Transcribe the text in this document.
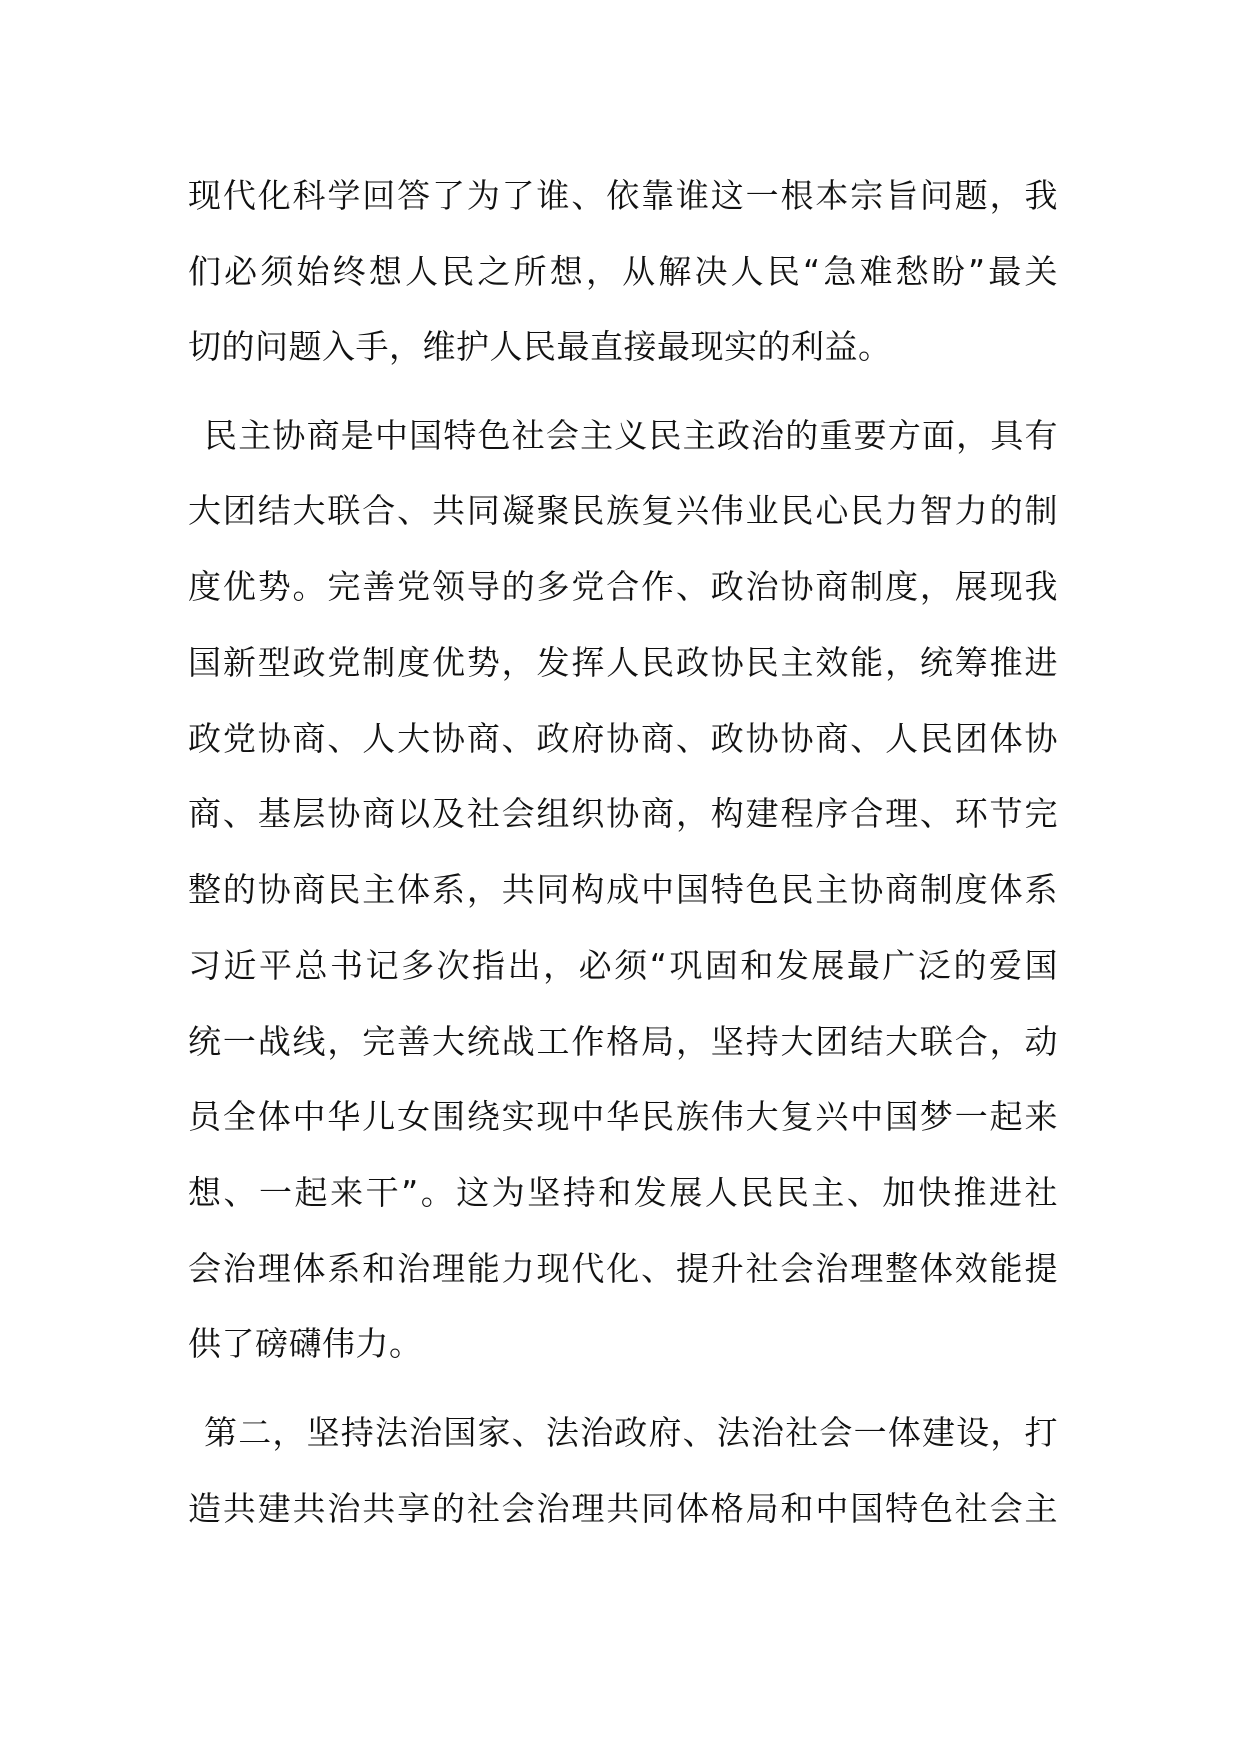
现代化科学回答了为了谁、依靠谁这一根本宗旨问题，我
们必须始终想人民之所想，从解决人民“急难愁盼”最关
切的问题入手，维护人民最直接最现实的利益。
民主协商是中国特色社会主义民主政治的重要方面，具有
大团结大联合、共同凝聚民族复兴伟业民心民力智力的制
度优势。完善党领导的多党合作、政治协商制度，展现我
国新型政党制度优势，发挥人民政协民主效能，统筹推进
政党协商、人大协商、政府协商、政协协商、人民团体协
商、基层协商以及社会组织协商，构建程序合理、环节完
整的协商民主体系，共同构成中国特色民主协商制度体系
习近平总书记多次指出，必须“巩固和发展最广泛的爱国
统一战线，完善大统战工作格局，坚持大团结大联合，动
员全体中华儿女围绕实现中华民族伟大复兴中国梦一起来
想、一起来干”。这为坚持和发展人民民主、加快推进社
会治理体系和治理能力现代化、提升社会治理整体效能提
供了磅礴伟力。
第二，坚持法治国家、法治政府、法治社会一体建设，打
造共建共治共享的社会治理共同体格局和中国特色社会主
